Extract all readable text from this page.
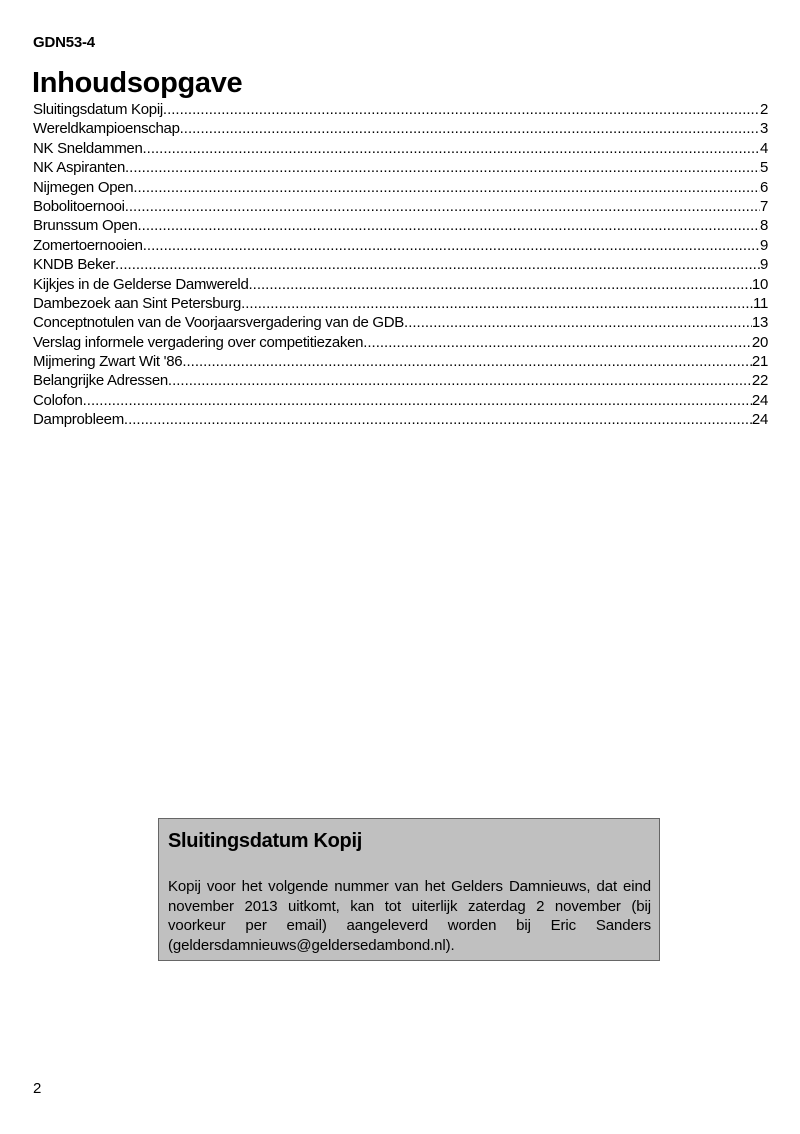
GDN53-4
Inhoudsopgave
Sluitingsdatum Kopij .....	2
Wereldkampioenschap .....	3
NK Sneldammen .....	4
NK Aspiranten .....	5
Nijmegen Open .....	6
Bobolitoernooi .....	7
Brunssum Open .....	8
Zomertoernooien .....	9
KNDB Beker .....	9
Kijkjes in de Gelderse Damwereld .....	10
Dambezoek aan Sint Petersburg .....	11
Conceptnotulen van de Voorjaarsvergadering van de GDB .....	13
Verslag informele vergadering over competitiezaken .....	20
Mijmering Zwart Wit '86 .....	21
Belangrijke Adressen .....	22
Colofon .....	24
Damprobleem .....	24
Sluitingsdatum Kopij

Kopij voor het volgende nummer van het Gelders Damnieuws, dat eind november 2013 uitkomt, kan tot uiterlijk zaterdag 2 november (bij voorkeur per email) aangeleverd worden bij Eric Sanders (geldersdamnieuws@geldersedambond.nl).

2
